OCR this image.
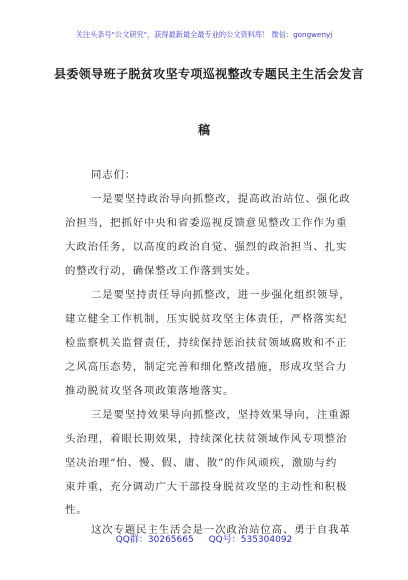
关注头条号"公文研究"，获得最新最全最专业的公文资料库！ 微信：gongwenyj
县委领导班子脱贫攻坚专项巡视整改专题民主生活会发言
稿
同志们：
一是要坚持政治导向抓整改，提高政治站位、强化政
治担当，把抓好中央和省委巡视反馈意见整改工作作为重
大政治任务，以高度的政治自觉、强烈的政治担当、扎实
的整改行动，确保整改工作落到实处。
二是要坚持责任导向抓整改，进一步强化组织领导，
建立健全工作机制，压实脱贫攻坚主体责任，严格落实纪
检监察机关监督责任，持续保持惩治扶贫领域腐败和不正
之风高压态势，制定完善和细化整改措施，形成攻坚合力
推动脱贫攻坚各项政策落地落实。
三是要坚持效果导向抓整改，坚持效果导向，注重源
头治理，着眼长期效果，持续深化扶贫领域作风专项整治
坚决治理“怕、慢、假、庸、散”的作风顽疾，激励与约
束并重，充分调动广大干部投身脱贫攻坚的主动性和积极
性。
这次专题民主生活会是一次政治站位高、勇于自我革
QQ群：30265665 QQ号：535304092
